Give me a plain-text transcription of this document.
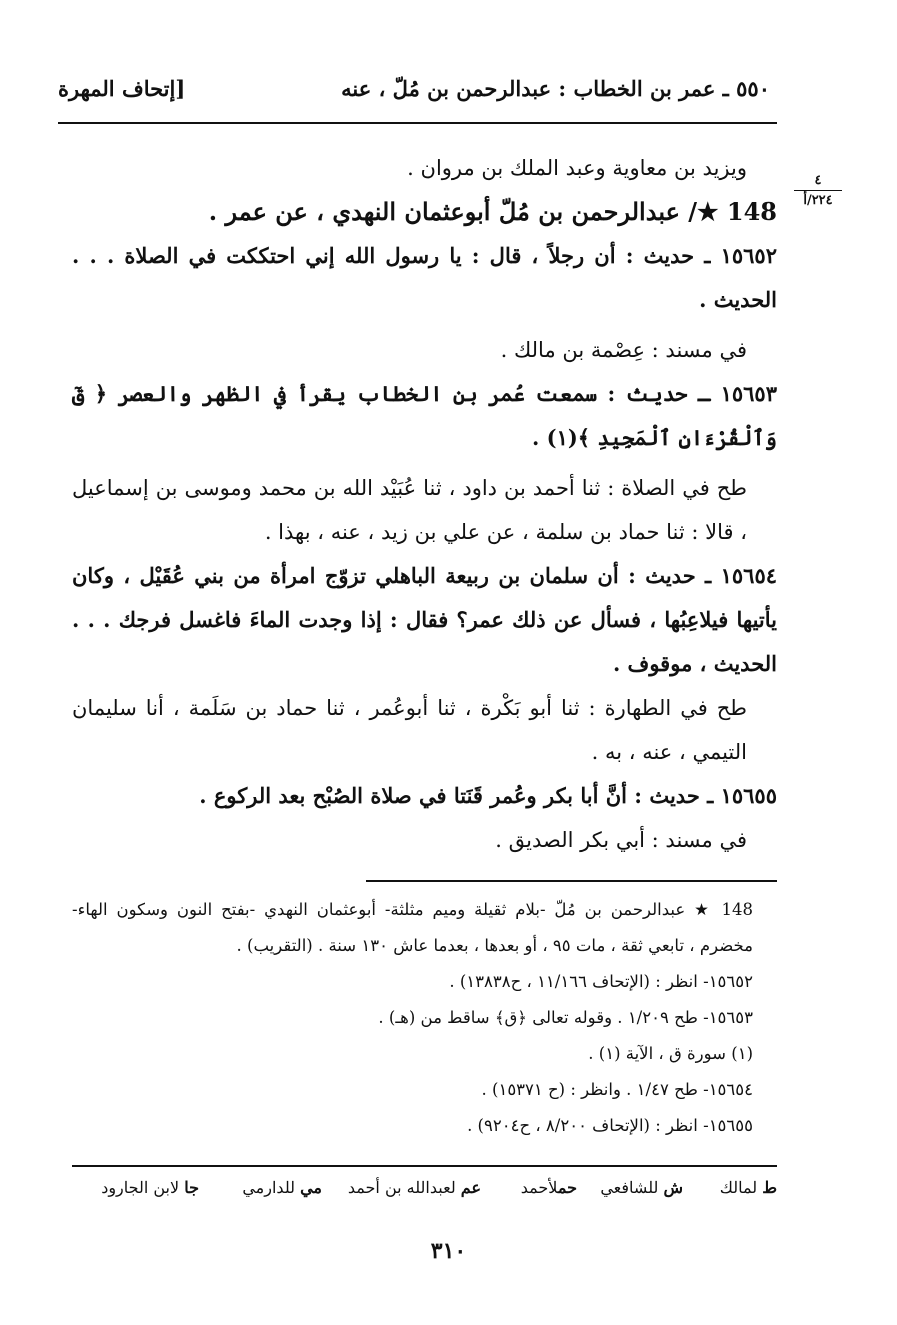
٥٥٠ ـ عمر بن الخطاب : عبدالرحمن بن مُلّ ، عنه
[إتحاف المهرة
٤
٢٢٤/أ

ويزيد بن معاوية وعبد الملك بن مروان .

148 ★/ عبدالرحمن بن مُلّ أبوعثمان النهدي ، عن عمر .

١٥٦٥٢ ـ حديث : أن رجلاً ، قال : يا رسول الله إني احتككت في الصلاة . . . الحديث .

في مسند : عِصْمة بن مالك .

١٥٦٥٣ ـ حديث : سمعت عُمر بن الخطاب يقرأ في الظهر والعصر ﴿ قٓ وَٱلْقُرْءَانِ ٱلْمَجِيدِ ﴾(١) .

طح في الصلاة : ثنا أحمد بن داود ، ثنا عُبَيْد الله بن محمد وموسى بن إسماعيل ، قالا : ثنا حماد بن سلمة ، عن علي بن زيد ، عنه ، بهذا .

١٥٦٥٤ ـ حديث : أن سلمان بن ربيعة الباهلي تزوّج امرأة من بني عُقَيْل ، وكان يأتيها فيلاعِبُها ، فسأل عن ذلك عمر؟ فقال : إذا وجدت الماءَ فاغسل فرجك . . . الحديث ، موقوف .

طح في الطهارة : ثنا أبو بَكْرة ، ثنا أبوعُمر ، ثنا حماد بن سَلَمة ، أنا سليمان التيمي ، عنه ، به .

١٥٦٥٥ ـ حديث : أنَّ أبا بكر وعُمر قَنَتا في صلاة الصُبْح بعد الركوع .

في مسند : أبي بكر الصديق .

148 ★ عبدالرحمن بن مُلّ -بلام ثقيلة وميم مثلثة- أبوعثمان النهدي -بفتح النون وسكون الهاء- مخضرم ، تابعي ثقة ، مات ٩٥ ، أو بعدها ، بعدما عاش ١٣٠ سنة . (التقريب) .

١٥٦٥٢- انظر : (الإتحاف ١١/١٦٦ ، ح١٣٨٣٨) .

١٥٦٥٣- طح ١/٢٠٩ . وقوله تعالى ﴿ق﴾ ساقط من (هـ) .

(١) سورة ق ، الآية (١) .

١٥٦٥٤- طح ١/٤٧ . وانظر : (ح ١٥٣٧١) .

١٥٦٥٥- انظر : (الإتحاف ٨/٢٠٠ ، ح٩٢٠٤) .

ط لمالك
ش للشافعي
حملأحمد
عم لعبدالله بن أحمد
مي للدارمي
جا لابن الجارود
٣١٠
